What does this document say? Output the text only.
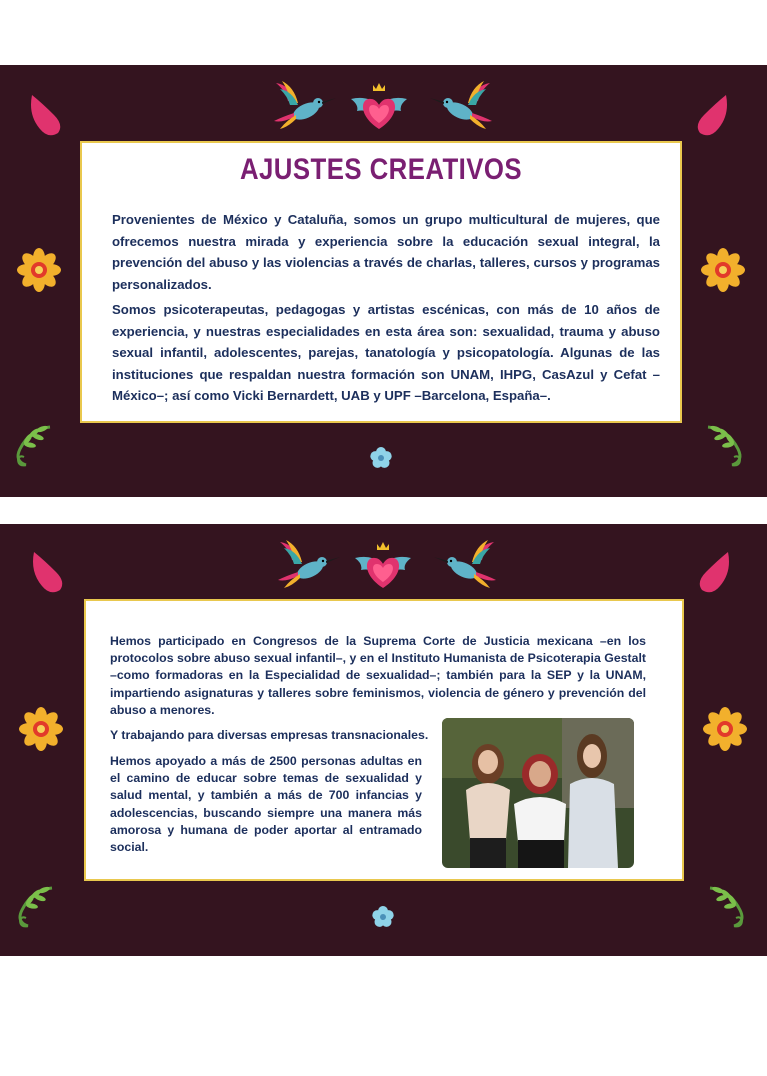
AJUSTES CREATIVOS

Provenientes de México y Cataluña, somos un grupo multicultural de mujeres, que ofrecemos nuestra mirada y experiencia sobre la educación sexual integral, la prevención del abuso y las violencias a través de charlas, talleres, cursos y programas personalizados.

Somos psicoterapeutas, pedagogas y artistas escénicas, con más de 10 años de experiencia, y nuestras especialidades en esta área son: sexualidad, trauma y abuso sexual infantil, adolescentes, parejas, tanatología y psicopatología. Algunas de las instituciones que respaldan nuestra formación son UNAM, IHPG, CasAzul y Cefat –México–; así como Vicki Bernardett, UAB y UPF –Barcelona, España–.

Hemos participado en Congresos de la Suprema Corte de Justicia mexicana –en los protocolos sobre abuso sexual infantil–, y en el Instituto Humanista de Psicoterapia Gestalt –como formadoras en la Especialidad de sexualidad–; también para la SEP y la UNAM, impartiendo asignaturas y talleres sobre feminismos, violencia de género y prevención del abuso a menores.

Y trabajando para diversas empresas transnacionales.

Hemos apoyado a más de 2500 personas adultas en el camino de educar sobre temas de sexualidad y salud mental, y también a más de 700 infancias y adolescencias, buscando siempre una manera más amorosa y humana de poder aportar al entramado social.
